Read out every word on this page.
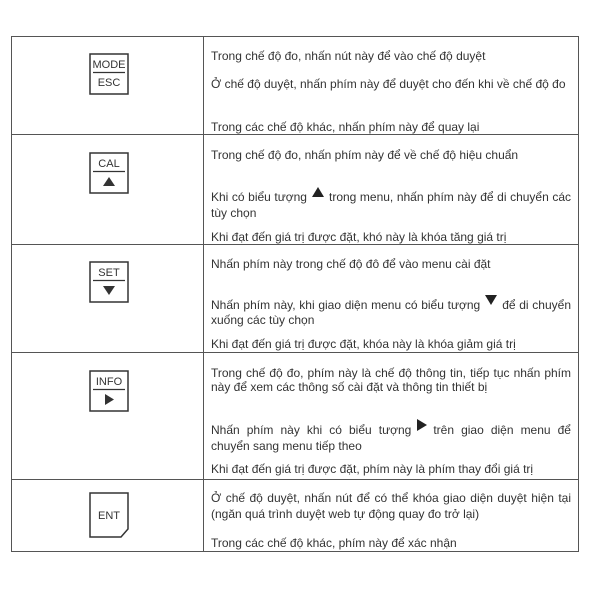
MODE
ESC

Trong chế độ đo, nhấn nút này để vào chế độ duyệt

Ở chế độ duyệt, nhấn phím này để duyệt cho đến khi về chế độ đo

Trong các chế độ khác, nhấn phím này để quay lại

CAL

Trong chế độ đo, nhấn phím này để về chế độ hiệu chuẩn

Khi có biểu tượng trong menu, nhấn phím này để di chuyển các tùy chọn

Khi đạt đến giá trị được đặt, khó này là khóa tăng giá trị

SET

Nhấn phím này trong chế độ đô để vào menu cài đặt

Nhấn phím này, khi giao diện menu có biểu tượng để di chuyển xuống các tùy chọn

Khi đạt đến giá trị được đặt, khóa này là khóa giảm giá trị

INFO

Trong chế độ đo, phím này là chế độ thông tin, tiếp tục nhấn phím này để xem các thông số cài đặt và thông tin thiết bị

Nhấn phím này khi có biểu tượng trên giao diện menu để chuyển sang menu tiếp theo

Khi đạt đến giá trị được đặt, phím này là phím thay đổi giá trị

ENT

Ở chế độ duyệt, nhấn nút để có thể khóa giao diện duyệt hiện tại (ngăn quá trình duyệt web tự động quay đo trở lại)

Trong các chế độ khác, phím này để xác nhận
